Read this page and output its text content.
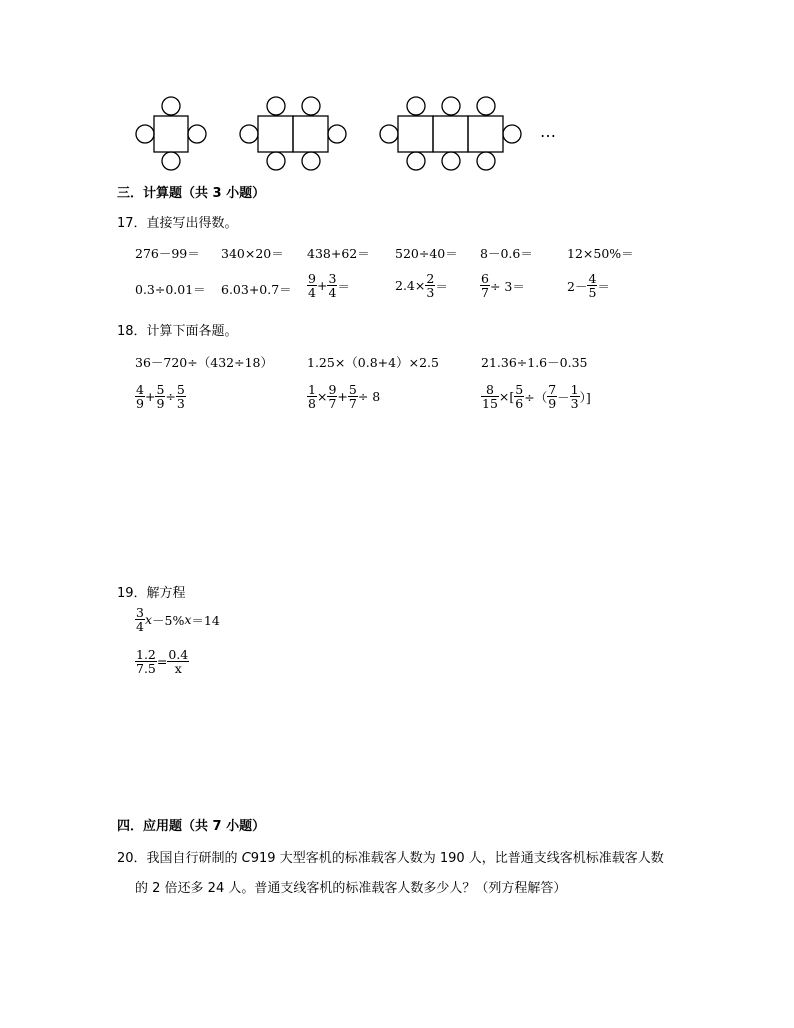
…
三．计算题（共 3 小题）
17．直接写出得数。
276－99＝ 340×20＝ 438+62＝ 520÷40＝ 8－0.6＝	12×50%＝
$0.3\div 0.01= 6.03+0.7= \frac{9}{4} + \frac{3}{4}$ ＝	$2.4\times \frac{2}{3}$ ＝	$\frac{6}{7} \div 3=$	$2- \frac{4}{5}$ ＝
18．计算下面各题。
36－720÷（432÷18）	1.25×（0.8+4）×2.5	21.36÷1.6－0.35
$\frac{4}{9} + \frac{5}{9} \div \frac{5}{3}$	$\frac{1}{8} \times \frac{9}{7} + \frac{5}{7} \div 8$	$\frac{8}{15}$ ×[ $\frac{5}{6}$ ÷（ $\frac{7}{9} - \frac{1}{3}$ ）]
19．解方程
$\frac{3}{4} x-5\%x=14$
$\frac{1.2}{7.5} = \frac{0.4}{x}$
四．应用题（共 7 小题）
20．我国自行研制的 C919 大型客机的标准载客人数为 190 人，比普通支线客机标准载客人数
的 2 倍还多 24 人。普通支线客机的标准载客人数多少人？（列方程解答）
